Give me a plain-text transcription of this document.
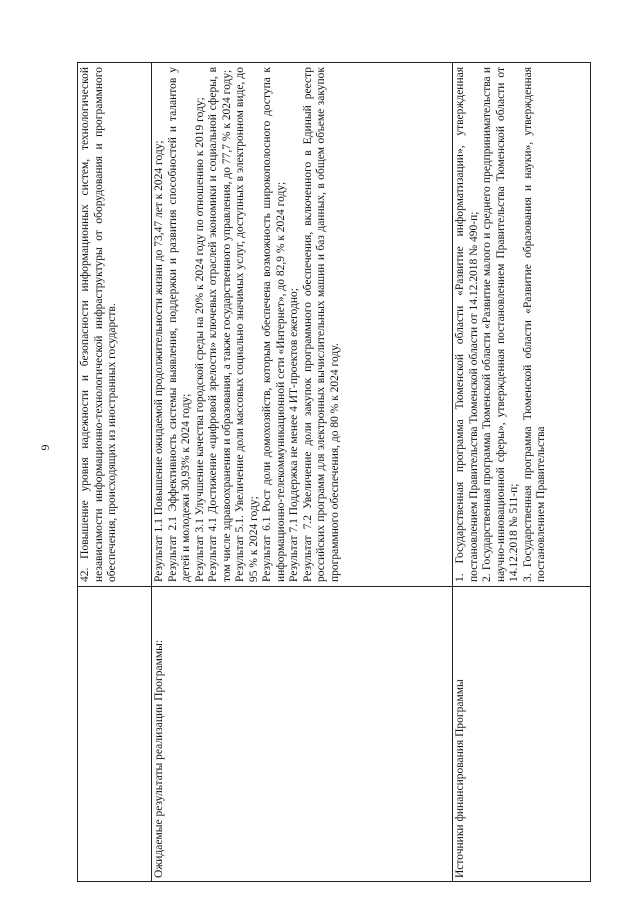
6 42. Повышение уровня надежности и безопасности информационных систем, технологической независимости информационно-технологической инфраструктуры от оборудования и программного обеспечения, происходящих из иностранных государств.

Ожидаемые результаты реализации Программы:

Результат 1.1 Повышение ожидаемой продолжительности жизни до 73,47 лет к 2024 году; Результат 2.1 Эффективность системы выявления, поддержки и развития способностей и талантов у детей и молодежи 30,93% к 2024 году; Результат 3.1 Улучшение качества городской среды на 20% к 2024 году по отношению к 2019 году; Результат 4.1 Достижение «цифровой зрелости» ключевых отраслей экономики и социальной сферы, в том числе здравоохранения и образования, а также государственного управления, до 77,7 % к 2024 году; Результат 5.1. Увеличение доли массовых социально значимых услуг, доступных в электронном виде, до 95 % к 2024 году; Результат 6.1 Рост доли домохозяйств, которым обеспечена возможность широкополосного доступа к информационно-телекоммуникационной сети «Интернет», до 82,9 % к 2024 году; Результат 7.1 Поддержка не менее 4 ИТ-проектов ежегодно; Результат 7.2 Увеличение доли закупок программного обеспечения, включенного в Единый реестр российских программ для электронных вычислительных машин и баз данных, в общем объеме закупок программного обеспечения, до 80 % к 2024 году.

Источники финансирования Программы

1. Государственная программа Тюменской области «Развитие информатизации», утвержденная постановлением Правительства Тюменской области от 14.12.2018 № 490-п; 2. Государственная программа Тюменской области «Развитие малого и среднего предпринимательства и научно-инновационной сферы», утвержденная постановлением Правительства Тюменской области от 14.12.2018 № 511-п; 3. Государственная программа Тюменской области «Развитие образования и науки», утвержденная постановлением Правительства
